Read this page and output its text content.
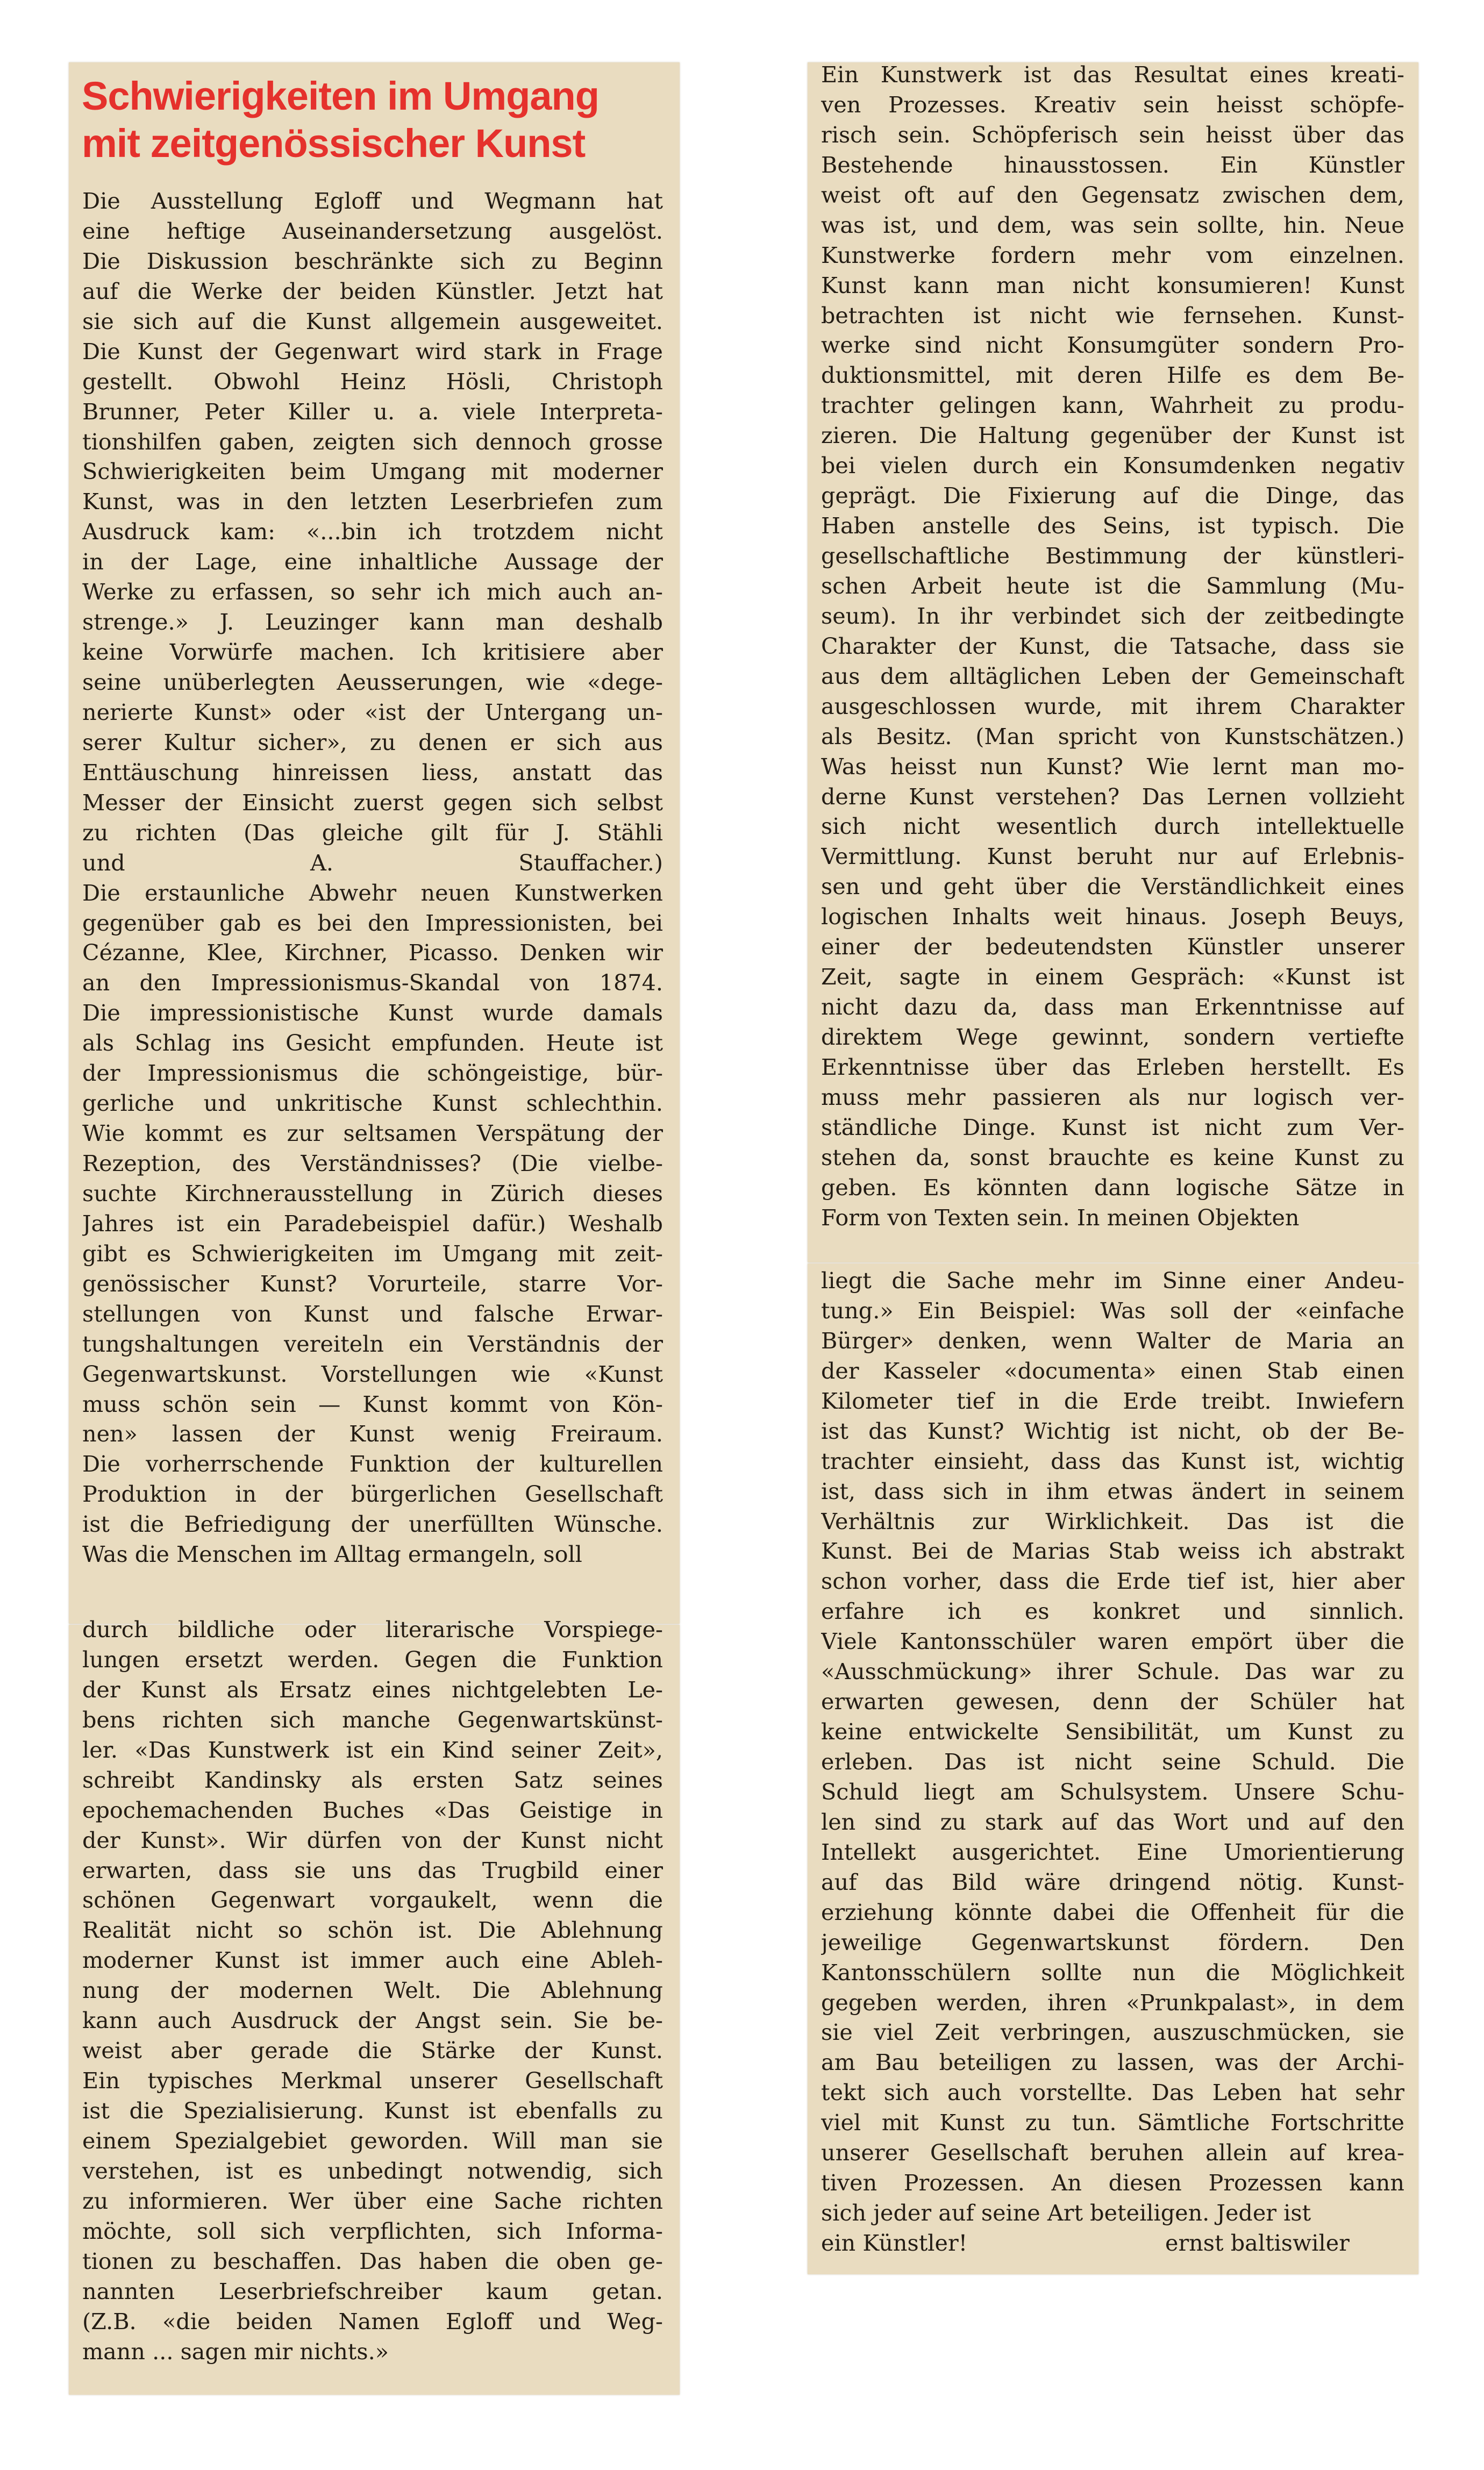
Schwierigkeiten im Umgang
mit zeitgenössischer Kunst
Die Ausstellung Egloff und Wegmann hat
eine heftige Auseinandersetzung ausgelöst.
Die Diskussion beschränkte sich zu Beginn
auf die Werke der beiden Künstler. Jetzt hat
sie sich auf die Kunst allgemein ausgeweitet.
Die Kunst der Gegenwart wird stark in Frage
gestellt. Obwohl Heinz Hösli, Christoph
Brunner, Peter Killer u. a. viele Interpreta-
tionshilfen gaben, zeigten sich dennoch grosse
Schwierigkeiten beim Umgang mit moderner
Kunst, was in den letzten Leserbriefen zum
Ausdruck kam: «...bin ich trotzdem nicht
in der Lage, eine inhaltliche Aussage der
Werke zu erfassen, so sehr ich mich auch an-
strenge.» J. Leuzinger kann man deshalb
keine Vorwürfe machen. Ich kritisiere aber
seine unüberlegten Aeusserungen, wie «dege-
nerierte Kunst» oder «ist der Untergang un-
serer Kultur sicher», zu denen er sich aus
Enttäuschung hinreissen liess, anstatt das
Messer der Einsicht zuerst gegen sich selbst
zu richten (Das gleiche gilt für J. Stähli
und A. Stauffacher.)
Die erstaunliche Abwehr neuen Kunstwerken
gegenüber gab es bei den Impressionisten, bei
Cézanne, Klee, Kirchner, Picasso. Denken wir
an den Impressionismus-Skandal von 1874.
Die impressionistische Kunst wurde damals
als Schlag ins Gesicht empfunden. Heute ist
der Impressionismus die schöngeistige, bür-
gerliche und unkritische Kunst schlechthin.
Wie kommt es zur seltsamen Verspätung der
Rezeption, des Verständnisses? (Die vielbe-
suchte Kirchnerausstellung in Zürich dieses
Jahres ist ein Paradebeispiel dafür.) Weshalb
gibt es Schwierigkeiten im Umgang mit zeit-
genössischer Kunst? Vorurteile, starre Vor-
stellungen von Kunst und falsche Erwar-
tungshaltungen vereiteln ein Verständnis der
Gegenwartskunst. Vorstellungen wie «Kunst
muss schön sein — Kunst kommt von Kön-
nen» lassen der Kunst wenig Freiraum.
Die vorherrschende Funktion der kulturellen
Produktion in der bürgerlichen Gesellschaft
ist die Befriedigung der unerfüllten Wünsche.
Was die Menschen im Alltag ermangeln, soll
durch bildliche oder literarische Vorspiege-
lungen ersetzt werden. Gegen die Funktion
der Kunst als Ersatz eines nichtgelebten Le-
bens richten sich manche Gegenwartskünst-
ler. «Das Kunstwerk ist ein Kind seiner Zeit»,
schreibt Kandinsky als ersten Satz seines
epochemachenden Buches «Das Geistige in
der Kunst». Wir dürfen von der Kunst nicht
erwarten, dass sie uns das Trugbild einer
schönen Gegenwart vorgaukelt, wenn die
Realität nicht so schön ist. Die Ablehnung
moderner Kunst ist immer auch eine Ableh-
nung der modernen Welt. Die Ablehnung
kann auch Ausdruck der Angst sein. Sie be-
weist aber gerade die Stärke der Kunst.
Ein typisches Merkmal unserer Gesellschaft
ist die Spezialisierung. Kunst ist ebenfalls zu
einem Spezialgebiet geworden. Will man sie
verstehen, ist es unbedingt notwendig, sich
zu informieren. Wer über eine Sache richten
möchte, soll sich verpflichten, sich Informa-
tionen zu beschaffen. Das haben die oben ge-
nannten Leserbriefschreiber kaum getan.
(Z.B. «die beiden Namen Egloff und Weg-
mann ... sagen mir nichts.»
Ein Kunstwerk ist das Resultat eines kreati-
ven Prozesses. Kreativ sein heisst schöpfe-
risch sein. Schöpferisch sein heisst über das
Bestehende hinausstossen. Ein Künstler
weist oft auf den Gegensatz zwischen dem,
was ist, und dem, was sein sollte, hin. Neue
Kunstwerke fordern mehr vom einzelnen.
Kunst kann man nicht konsumieren! Kunst
betrachten ist nicht wie fernsehen. Kunst-
werke sind nicht Konsumgüter sondern Pro-
duktionsmittel, mit deren Hilfe es dem Be-
trachter gelingen kann, Wahrheit zu produ-
zieren. Die Haltung gegenüber der Kunst ist
bei vielen durch ein Konsumdenken negativ
geprägt. Die Fixierung auf die Dinge, das
Haben anstelle des Seins, ist typisch. Die
gesellschaftliche Bestimmung der künstleri-
schen Arbeit heute ist die Sammlung (Mu-
seum). In ihr verbindet sich der zeitbedingte
Charakter der Kunst, die Tatsache, dass sie
aus dem alltäglichen Leben der Gemeinschaft
ausgeschlossen wurde, mit ihrem Charakter
als Besitz. (Man spricht von Kunstschätzen.)
Was heisst nun Kunst? Wie lernt man mo-
derne Kunst verstehen? Das Lernen vollzieht
sich nicht wesentlich durch intellektuelle
Vermittlung. Kunst beruht nur auf Erlebnis-
sen und geht über die Verständlichkeit eines
logischen Inhalts weit hinaus. Joseph Beuys,
einer der bedeutendsten Künstler unserer
Zeit, sagte in einem Gespräch: «Kunst ist
nicht dazu da, dass man Erkenntnisse auf
direktem Wege gewinnt, sondern vertiefte
Erkenntnisse über das Erleben herstellt. Es
muss mehr passieren als nur logisch ver-
ständliche Dinge. Kunst ist nicht zum Ver-
stehen da, sonst brauchte es keine Kunst zu
geben. Es könnten dann logische Sätze in
Form von Texten sein. In meinen Objekten
liegt die Sache mehr im Sinne einer Andeu-
tung.» Ein Beispiel: Was soll der «einfache
Bürger» denken, wenn Walter de Maria an
der Kasseler «documenta» einen Stab einen
Kilometer tief in die Erde treibt. Inwiefern
ist das Kunst? Wichtig ist nicht, ob der Be-
trachter einsieht, dass das Kunst ist, wichtig
ist, dass sich in ihm etwas ändert in seinem
Verhältnis zur Wirklichkeit. Das ist die
Kunst. Bei de Marias Stab weiss ich abstrakt
schon vorher, dass die Erde tief ist, hier aber
erfahre ich es konkret und sinnlich.
Viele Kantonsschüler waren empört über die
«Ausschmückung» ihrer Schule. Das war zu
erwarten gewesen, denn der Schüler hat
keine entwickelte Sensibilität, um Kunst zu
erleben. Das ist nicht seine Schuld. Die
Schuld liegt am Schulsystem. Unsere Schu-
len sind zu stark auf das Wort und auf den
Intellekt ausgerichtet. Eine Umorientierung
auf das Bild wäre dringend nötig. Kunst-
erziehung könnte dabei die Offenheit für die
jeweilige Gegenwartskunst fördern. Den
Kantonsschülern sollte nun die Möglichkeit
gegeben werden, ihren «Prunkpalast», in dem
sie viel Zeit verbringen, auszuschmücken, sie
am Bau beteiligen zu lassen, was der Archi-
tekt sich auch vorstellte. Das Leben hat sehr
viel mit Kunst zu tun. Sämtliche Fortschritte
unserer Gesellschaft beruhen allein auf krea-
tiven Prozessen. An diesen Prozessen kann
sich jeder auf seine Art beteiligen. Jeder ist
ein Künstler!	ernst baltiswiler
